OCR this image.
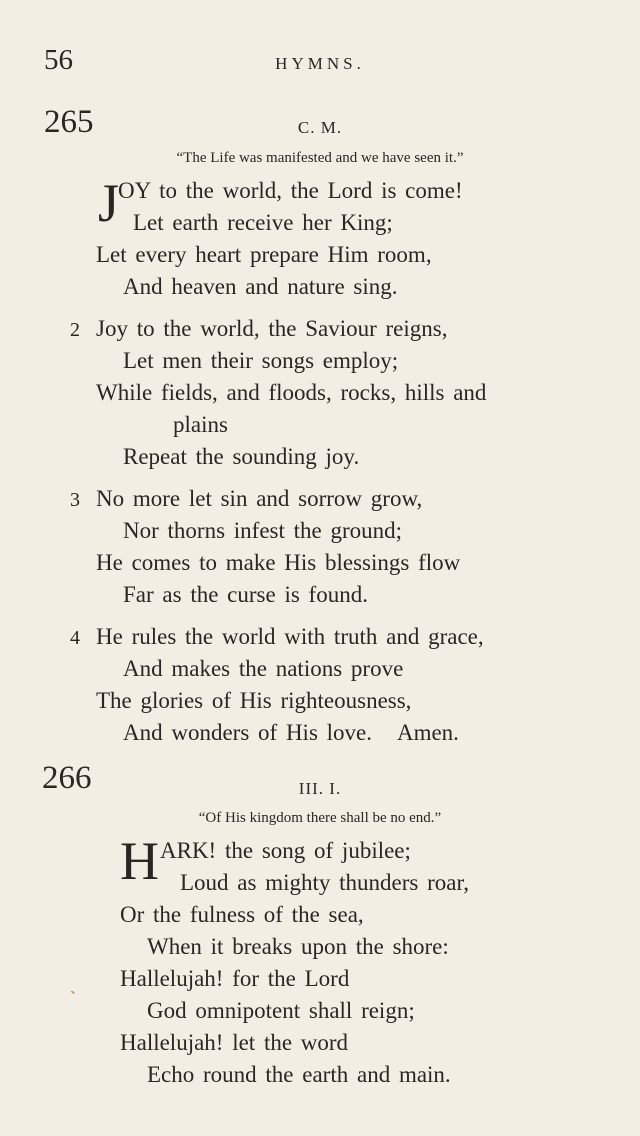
56	HYMNS.
265	C. M.
“The Life was manifested and we have seen it.”
J
OY to the world, the Lord is come!
Let earth receive her King;
Let every heart prepare Him room,
And heaven and nature sing.
2 Joy to the world, the Saviour reigns,
Let men their songs employ;
While fields, and floods, rocks, hills and
plains
Repeat the sounding joy.
3 No more let sin and sorrow grow,
Nor thorns infest the ground;
He comes to make His blessings flow
Far as the curse is found.
4 He rules the world with truth and grace,
And makes the nations prove
The glories of His righteousness,
And wonders of His love.   Amen.
266	III. I.
“Of His kingdom there shall be no end.”
H ARK! the song of jubilee;
Loud as mighty thunders roar,
Or the fulness of the sea,
When it breaks upon the shore:
Hallelujah! for the Lord
God omnipotent shall reign;
Hallelujah! let the word
Echo round the earth and main.
ˏ
